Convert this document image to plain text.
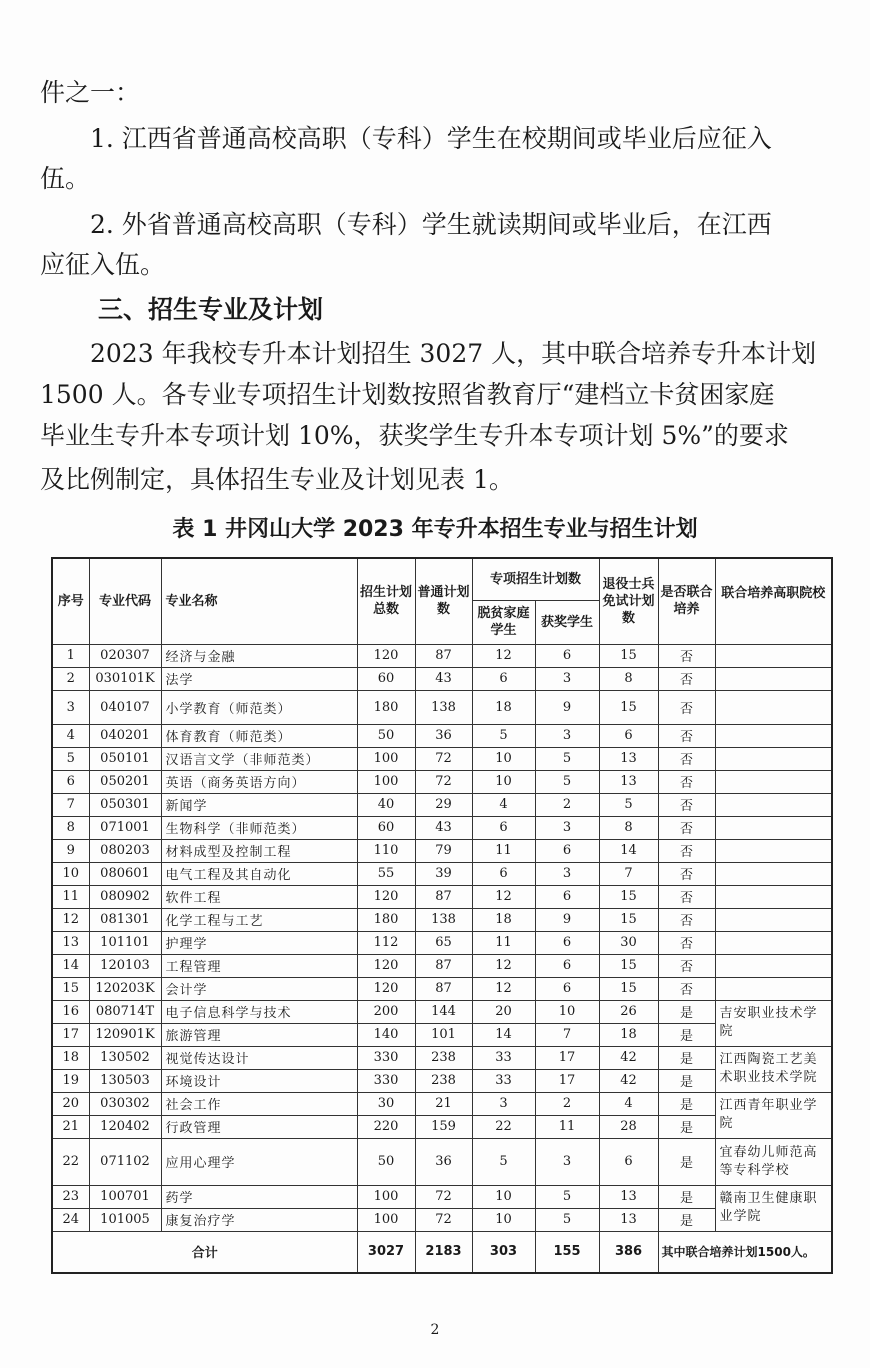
件之一：

　　1. 江西省普通高校高职（专科）学生在校期间或毕业后应征入

伍。

　　2. 外省普通高校高职（专科）学生就读期间或毕业后，在江西

应征入伍。

三、招生专业及计划

　　2023 年我校专升本计划招生 3027 人，其中联合培养专升本计划

1500 人。各专业专项招生计划数按照省教育厅“建档立卡贫困家庭

毕业生专升本专项计划 10%，获奖学生专升本专项计划 5%”的要求

及比例制定，具体招生专业及计划见表 1。

表 1 井冈山大学 2023 年专升本招生专业与招生计划
序号	专业代码	专业名称	招生计划总数	普通计划数	专项招生计划数		退役士兵免试计划数	是否联合培养	联合培养高职院校
					脱贫家庭学生	获奖学生			
1	020307	经济与金融	120	87	12	6	15	否	
2	030101K	法学	60	43	6	3	8	否	
3	040107	小学教育（师范类）	180	138	18	9	15	否	
4	040201	体育教育（师范类）	50	36	5	3	6	否	
5	050101	汉语言文学（非师范类）	100	72	10	5	13	否	
6	050201	英语（商务英语方向）	100	72	10	5	13	否	
7	050301	新闻学	40	29	4	2	5	否	
8	071001	生物科学（非师范类）	60	43	6	3	8	否	
9	080203	材料成型及控制工程	110	79	11	6	14	否	
10	080601	电气工程及其自动化	55	39	6	3	7	否	
11	080902	软件工程	120	87	12	6	15	否	
12	081301	化学工程与工艺	180	138	18	9	15	否	
13	101101	护理学	112	65	11	6	30	否	
14	120103	工程管理	120	87	12	6	15	否	
15	120203K	会计学	120	87	12	6	15	否	
16	080714T	电子信息科学与技术	200	144	20	10	26	是	吉安职业技术学院
17	120901K	旅游管理	140	101	14	7	18	是	
18	130502	视觉传达设计	330	238	33	17	42	是	江西陶瓷工艺美术职业技术学院
19	130503	环境设计	330	238	33	17	42	是	
20	030302	社会工作	30	21	3	2	4	是	江西青年职业学院
21	120402	行政管理	220	159	22	11	28	是	
22	071102	应用心理学	50	36	5	3	6	是	宜春幼儿师范高等专科学校
23	100701	药学	100	72	10	5	13	是	赣南卫生健康职业学院
24	101005	康复治疗学	100	72	10	5	13	是	
合计			3027	2183	303	155	386	其中联合培养计划1500人。	
2
